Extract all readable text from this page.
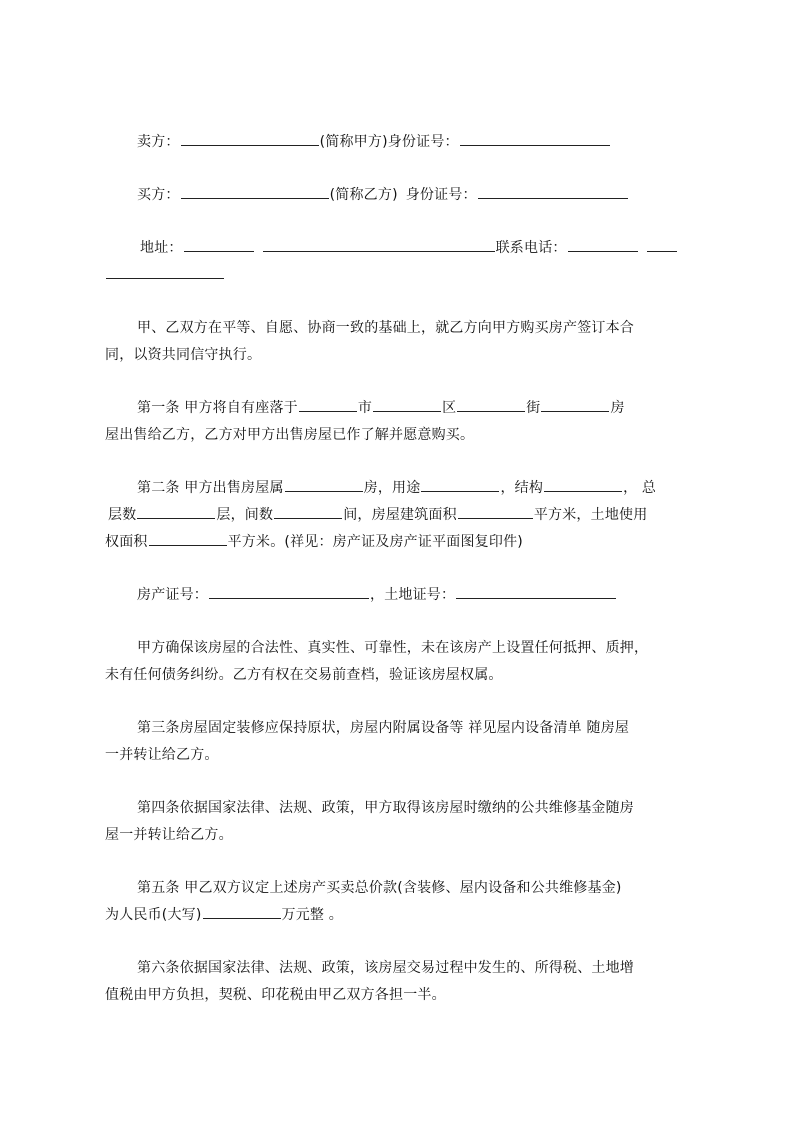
卖方：	(简称甲方)身份证号：
买方：	(简称乙方) 身份证号：
地址：	联系电话：
甲、乙双方在平等、自愿、协商一致的基础上，就乙方向甲方购买房产签订本合
同，以资共同信守执行。
第一条 甲方将自有座落于	市	区	街	房
屋出售给乙方，乙方对甲方出售房屋已作了解并愿意购买。
第二条 甲方出售房屋属	房，用途	，结构	， 总
层数	层，间数	间，房屋建筑面积	平方米，土地使用
权面积	平方米。(祥见：房产证及房产证平面图复印件)
房产证号：	，土地证号：
甲方确保该房屋的合法性、真实性、可靠性，未在该房产上设置任何抵押、质押，
未有任何债务纠纷。乙方有权在交易前查档，验证该房屋权属。
第三条房屋固定装修应保持原状，房屋内附属设备等 祥见屋内设备清单 随房屋
一并转让给乙方。
第四条依据国家法律、法规、政策，甲方取得该房屋时缴纳的公共维修基金随房
屋一并转让给乙方。
第五条 甲乙双方议定上述房产买卖总价款(含装修、屋内设备和公共维修基金)
为人民币(大写)	万元整 。
第六条依据国家法律、法规、政策，该房屋交易过程中发生的、所得税、土地增
值税由甲方负担，契税、印花税由甲乙双方各担一半。
